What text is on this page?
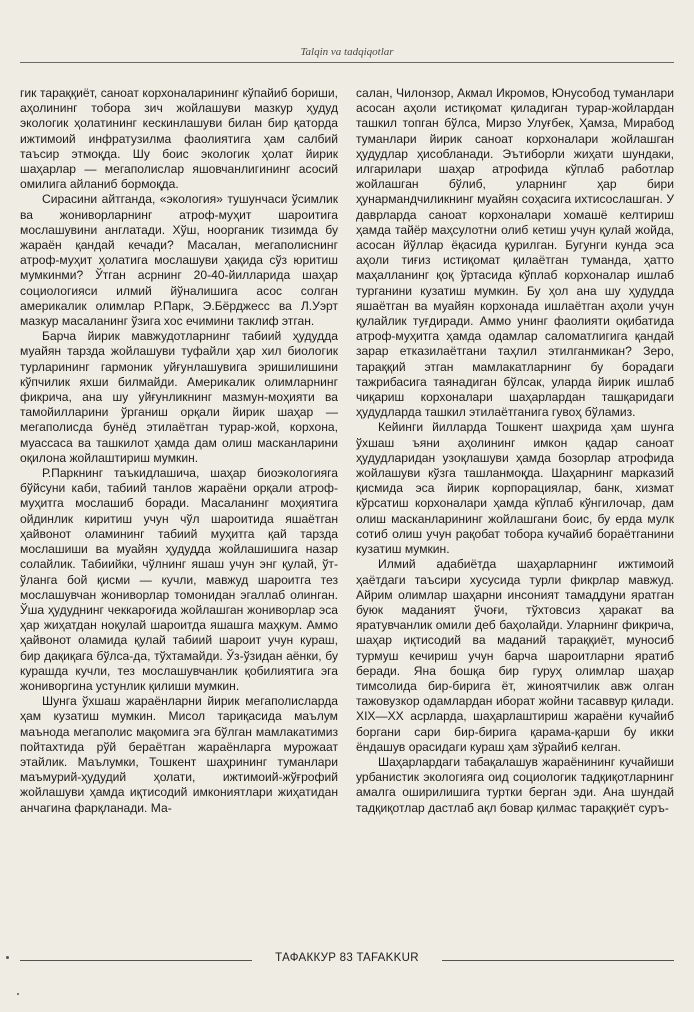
Talqin va tadqiqotlar

гик тараққиёт, саноат корхоналарининг кўпайиб бориши, аҳолининг тобора зич жойлашуви мазкур ҳудуд экологик ҳолатининг кескинлашуви билан бир қаторда ижтимоий инфратузилма фаолиятига ҳам салбий таъсир этмоқда. Шу боис экологик ҳолат йирик шаҳарлар — мегаполислар яшовчанлигининг асосий омилига айланиб бормоқда.

Сирасини айтганда, «экология» тушунчаси ўсимлик ва жониворларнинг атроф-муҳит шароитига мослашувини англатади. Хўш, ноорганик тизимда бу жараён қандай кечади? Масалан, мегаполиснинг атроф-муҳит ҳолатига мослашуви ҳақида сўз юритиш мумкинми? Ўтган асрнинг 20-40-йилларида шаҳар социологияси илмий йўналишига асос солган америкалик олимлар Р.Парк, Э.Бёрджесс ва Л.Уэрт мазкур масаланинг ўзига хос ечимини таклиф этган.

Барча йирик мавжудотларнинг табиий ҳудудда муайян тарзда жойлашуви туфайли ҳар хил биологик турларининг гармоник уйғунлашувига эришилишини кўпчилик яхши билмайди. Америкалик олимларнинг фикрича, ана шу уйғунликнинг мазмун-моҳияти ва тамойилларини ўрганиш орқали йирик шаҳар — мегаполисда бунёд этилаётган турар-жой, корхона, муассаса ва ташкилот ҳамда дам олиш масканларини оқилона жойлаштириш мумкин.

Р.Паркнинг таъкидлашича, шаҳар биоэкологияга бўйсуни каби, табиий танлов жараёни орқали атроф-муҳитга мослашиб боради. Масаланинг моҳиятига ойдинлик киритиш учун чўл шароитида яшаётган ҳайвонот оламининг табиий муҳитга қай тарзда мослашиши ва муайян ҳудудда жойлашишига назар солайлик. Табиийки, чўлнинг яшаш учун энг қулай, ўт-ўланга бой қисми — кучли, мавжуд шароитга тез мослашувчан жониворлар томонидан эгаллаб олинган. Ўша ҳудуднинг чеккароғида жойлашган жониворлар эса ҳар жиҳатдан ноқулай шароитда яшашга маҳкум. Аммо ҳайвонот оламида қулай табиий шароит учун кураш, бир дақиқага бўлса-да, тўхтамайди. Ўз-ўзидан аёнки, бу курашда кучли, тез мослашувчанлик қобилиятига эга жониворгина устунлик қилиши мумкин.

Шунга ўхшаш жараёнларни йирик мегаполисларда ҳам кузатиш мумкин. Мисол тариқасида маълум маънода мегаполис мақомига эга бўлган мамлакатимиз пойтахтида рўй бераётган жараёнларга мурожаат этайлик. Маълумки, Тошкент шаҳрининг туманлари маъмурий-ҳудудий ҳолати, ижтимоий-жўғрофий жойлашуви ҳамда иқтисодий имкониятлари жиҳатидан анчагина фарқланади. Ма-

салан, Чилонзор, Акмал Икромов, Юнусобод туманлари асосан аҳоли истиқомат қиладиган турар-жойлардан ташкил топган бўлса, Мирзо Улуғбек, Ҳамза, Мирабод туманлари йирик саноат корхоналари жойлашган ҳудудлар ҳисобланади. Эътиборли жиҳати шундаки, илгарилари шаҳар атрофида кўплаб работлар жойлашган бўлиб, уларнинг ҳар бири ҳунармандчиликнинг муайян соҳасига ихтисослашган. У даврларда саноат корхоналари хомашё келтириш ҳамда тайёр маҳсулотни олиб кетиш учун қулай жойда, асосан йўллар ёқасида қурилган. Бугунги кунда эса аҳоли тиғиз истиқомат қилаётган туманда, ҳатто маҳалланинг қоқ ўртасида кўплаб корхоналар ишлаб турганини кузатиш мумкин. Бу ҳол ана шу ҳудудда яшаётган ва муайян корхонада ишлаётган аҳоли учун қулайлик туғдиради. Аммо унинг фаолияти оқибатида атроф-муҳитга ҳамда одамлар саломатлигига қандай зарар етказилаётгани таҳлил этилганмикан? Зеро, тараққий этган мамлакатларнинг бу борадаги тажрибасига таянадиган бўлсак, уларда йирик ишлаб чиқариш корхоналари шаҳарлардан ташқаридаги ҳудудларда ташкил этилаётганига гувоҳ бўламиз.

Кейинги йилларда Тошкент шаҳрида ҳам шунга ўхшаш ъяни аҳолининг имкон қадар саноат ҳудудларидан узоқлашуви ҳамда бозорлар атрофида жойлашуви кўзга ташланмоқда. Шаҳарнинг марказий қисмида эса йирик корпорациялар, банк, хизмат кўрсатиш корхоналари ҳамда кўплаб кўнгилочар, дам олиш масканларининг жойлашгани боис, бу ерда мулк сотиб олиш учун рақобат тобора кучайиб бораётганини кузатиш мумкин.

Илмий адабиётда шаҳарларнинг ижтимоий ҳаётдаги таъсири хусусида турли фикрлар мавжуд. Айрим олимлар шаҳарни инсоният тамаддуни яратган буюк маданият ўчоғи, тўхтовсиз ҳаракат ва яратувчанлик омили деб баҳолайди. Уларнинг фикрича, шаҳар иқтисодий ва маданий тараққиёт, муносиб турмуш кечириш учун барча шароитларни яратиб беради. Яна бошқа бир гуруҳ олимлар шаҳар тимсолида бир-бирига ёт, жиноятчилик авж олган тажовузкор одамлардан иборат жойни тасаввур қилади. XIX—XX асрларда, шаҳарлаштириш жараёни кучайиб боргани сари бир-бирига қарама-қарши бу икки ёндашув орасидаги кураш ҳам зўрайиб келган.

Шаҳарлардаги табақалашув жараёнининг кучайиши урбанистик экологияга оид социологик тадқиқотларнинг амалга оширилишига туртки берган эди. Ана шундай тадқиқотлар дастлаб ақл бовар қилмас тараққиёт суръ-

ТАФАККУР 83 TAFAKKUR
